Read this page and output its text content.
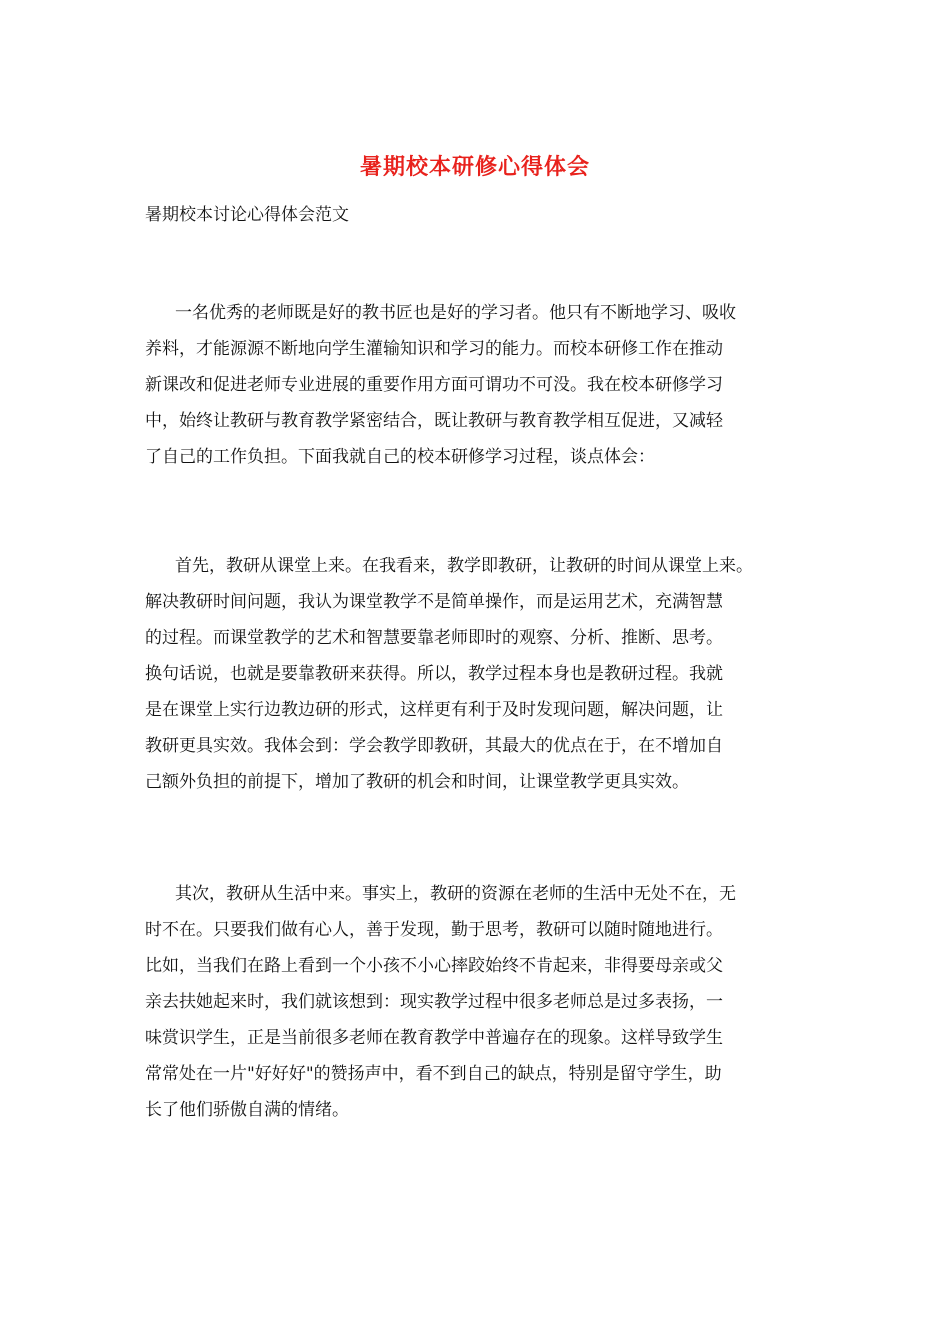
暑期校本研修心得体会
暑期校本讨论心得体会范文
一名优秀的老师既是好的教书匠也是好的学习者。他只有不断地学习、吸收
养料，才能源源不断地向学生灌输知识和学习的能力。而校本研修工作在推动
新课改和促进老师专业进展的重要作用方面可谓功不可没。我在校本研修学习
中，始终让教研与教育教学紧密结合，既让教研与教育教学相互促进，又减轻
了自己的工作负担。下面我就自己的校本研修学习过程，谈点体会：
首先，教研从课堂上来。在我看来，教学即教研，让教研的时间从课堂上来。
解决教研时间问题，我认为课堂教学不是简单操作，而是运用艺术，充满智慧
的过程。而课堂教学的艺术和智慧要靠老师即时的观察、分析、推断、思考。
换句话说，也就是要靠教研来获得。所以，教学过程本身也是教研过程。我就
是在课堂上实行边教边研的形式，这样更有利于及时发现问题，解决问题，让
教研更具实效。我体会到：学会教学即教研，其最大的优点在于，在不增加自
己额外负担的前提下，增加了教研的机会和时间，让课堂教学更具实效。
其次，教研从生活中来。事实上，教研的资源在老师的生活中无处不在，无
时不在。只要我们做有心人，善于发现，勤于思考，教研可以随时随地进行。
比如，当我们在路上看到一个小孩不小心摔跤始终不肯起来，非得要母亲或父
亲去扶她起来时，我们就该想到：现实教学过程中很多老师总是过多表扬，一
味赏识学生，正是当前很多老师在教育教学中普遍存在的现象。这样导致学生
常常处在一片"好好好"的赞扬声中，看不到自己的缺点，特别是留守学生，助
长了他们骄傲自满的情绪。
